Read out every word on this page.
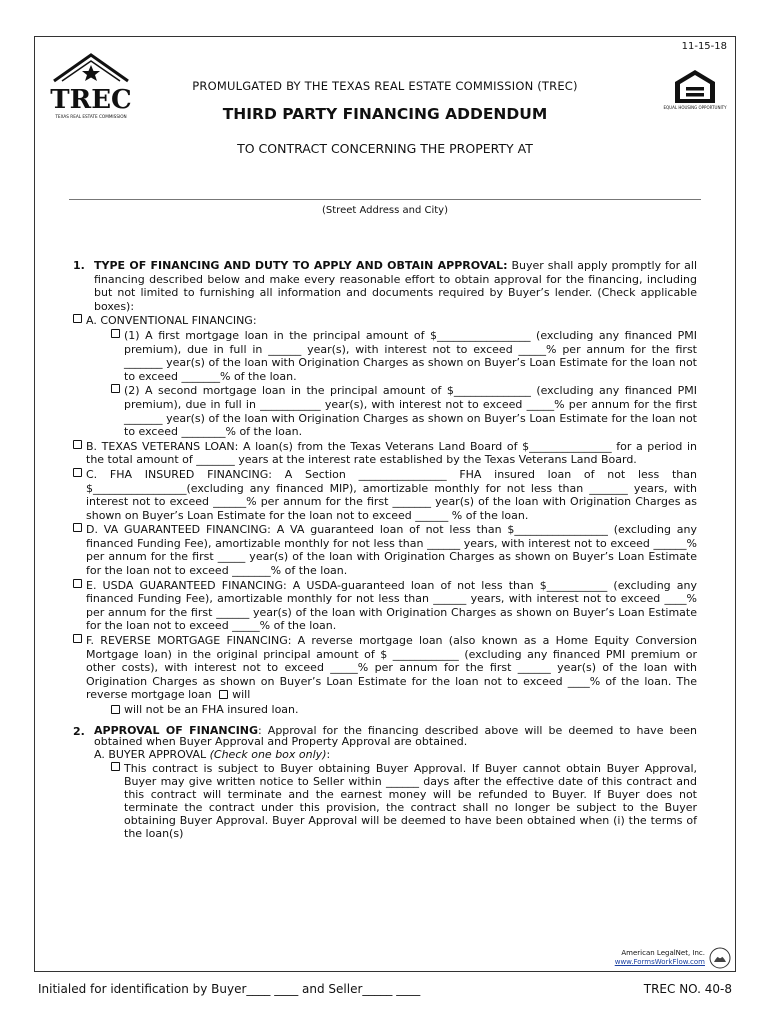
11-15-18
TREC
TEXAS REAL ESTATE COMMISSION
EQUAL HOUSING OPPORTUNITY
PROMULGATED BY THE TEXAS REAL ESTATE COMMISSION (TREC)
THIRD PARTY FINANCING ADDENDUM
TO CONTRACT CONCERNING THE PROPERTY AT
(Street Address and City)
1. TYPE OF FINANCING AND DUTY TO APPLY AND OBTAIN APPROVAL: Buyer shall apply promptly for all financing described below and make every reasonable effort to obtain approval for the financing, including but not limited to furnishing all information and documents required by Buyer’s lender. (Check applicable boxes):
A. CONVENTIONAL FINANCING:
(1) A first mortgage loan in the principal amount of $_________________ (excluding any financed PMI premium), due in full in ______ year(s), with interest not to exceed _____% per annum for the first _______ year(s) of the loan with Origination Charges as shown on Buyer’s Loan Estimate for the loan not to exceed _______% of the loan.
(2) A second mortgage loan in the principal amount of $______________ (excluding any financed PMI premium), due in full in ___________ year(s), with interest not to exceed _____% per annum for the first _______ year(s) of the loan with Origination Charges as shown on Buyer’s Loan Estimate for the loan not to exceed ________% of the loan.
B. TEXAS VETERANS LOAN: A loan(s) from the Texas Veterans Land Board of $_______________ for a period in the total amount of _______ years at the interest rate established by the Texas Veterans Land Board.
C. FHA INSURED FINANCING: A Section ________________ FHA insured loan of not less than $_________________(excluding any financed MIP), amortizable monthly for not less than _______ years, with interest not to exceed ______% per annum for the first _______ year(s) of the loan with Origination Charges as shown on Buyer’s Loan Estimate for the loan not to exceed ______ % of the loan.
D. VA GUARANTEED FINANCING: A VA guaranteed loan of not less than $_________________ (excluding any financed Funding Fee), amortizable monthly for not less than ______ years, with interest not to exceed ______% per annum for the first _____ year(s) of the loan with Origination Charges as shown on Buyer’s Loan Estimate for the loan not to exceed _______% of the loan.
E. USDA GUARANTEED FINANCING: A USDA-guaranteed loan of not less than $___________ (excluding any financed Funding Fee), amortizable monthly for not less than ______ years, with interest not to exceed ____% per annum for the first ______ year(s) of the loan with Origination Charges as shown on Buyer’s Loan Estimate for the loan not to exceed _____% of the loan.
F. REVERSE MORTGAGE FINANCING: A reverse mortgage loan (also known as a Home Equity Conversion Mortgage loan) in the original principal amount of $ ____________ (excluding any financed PMI premium or other costs), with interest not to exceed _____% per annum for the first ______ year(s) of the loan with Origination Charges as shown on Buyer’s Loan Estimate for the loan not to exceed ____% of the loan. The reverse mortgage loan will
will not be an FHA insured loan.
2. APPROVAL OF FINANCING: Approval for the financing described above will be deemed to have been obtained when Buyer Approval and Property Approval are obtained.
A. BUYER APPROVAL (Check one box only):
This contract is subject to Buyer obtaining Buyer Approval. If Buyer cannot obtain Buyer Approval, Buyer may give written notice to Seller within ______ days after the effective date of this contract and this contract will terminate and the earnest money will be refunded to Buyer. If Buyer does not terminate the contract under this provision, the contract shall no longer be subject to the Buyer obtaining Buyer Approval. Buyer Approval will be deemed to have been obtained when (i) the terms of the loan(s)
American LegalNet, Inc.
www.FormsWorkFlow.com
Initialed for identification by Buyer____ ____ and Seller_____ ____	TREC NO. 40-8
